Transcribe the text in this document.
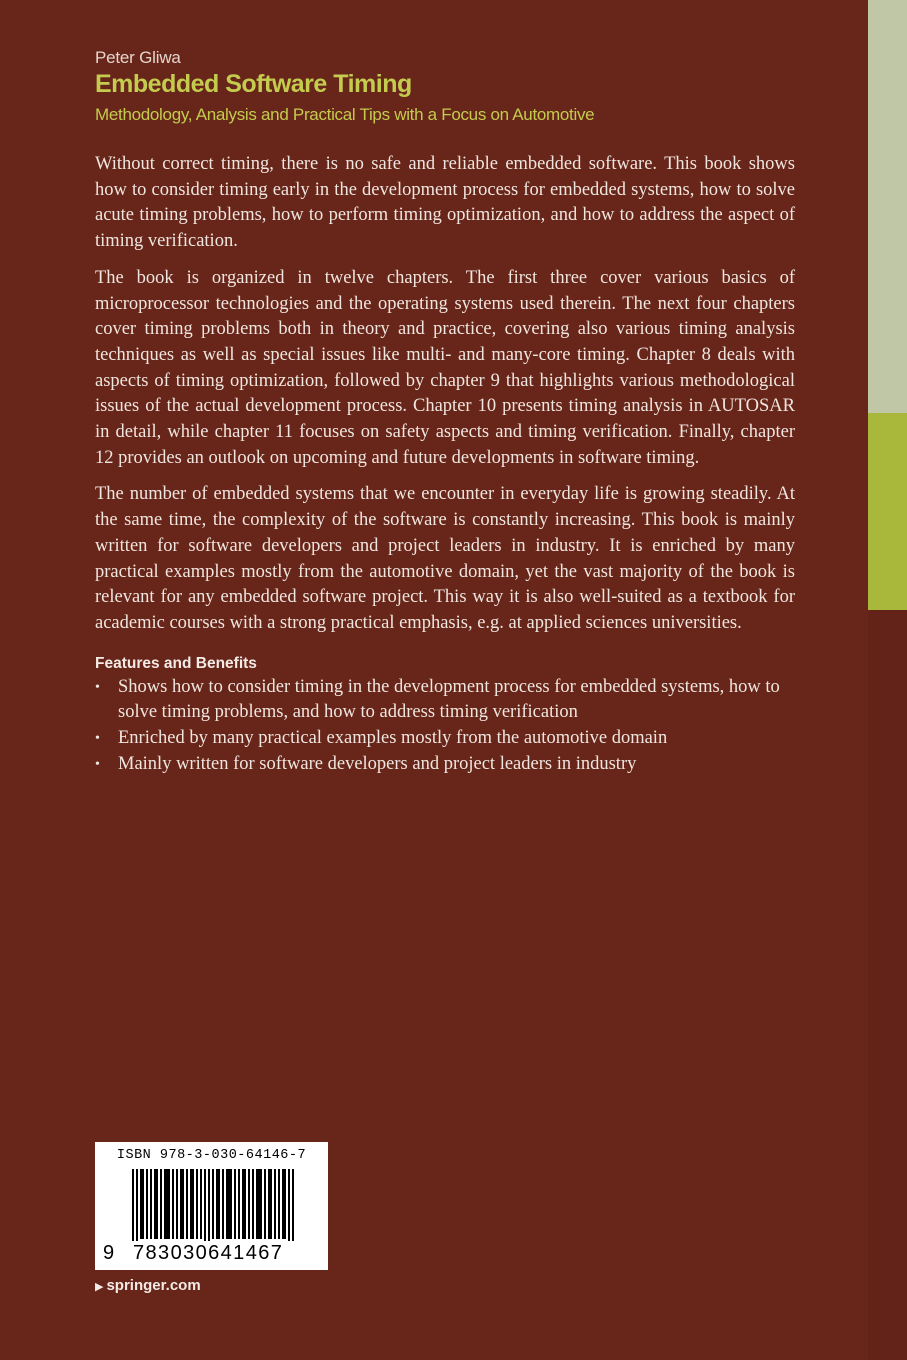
Peter Gliwa
Embedded Software Timing
Methodology, Analysis and Practical Tips with a Focus on Automotive

Without correct timing, there is no safe and reliable embedded software. This book shows how to consider timing early in the development process for embedded systems, how to solve acute timing problems, how to perform timing optimization, and how to address the aspect of timing verification.

The book is organized in twelve chapters. The first three cover various basics of microprocessor technologies and the operating systems used therein. The next four chapters cover timing problems both in theory and practice, covering also various timing analysis techniques as well as special issues like multi- and many-core timing. Chapter 8 deals with aspects of timing optimization, followed by chapter 9 that highlights various methodological issues of the actual development process. Chapter 10 presents timing analysis in AUTOSAR in detail, while chapter 11 focuses on safety aspects and timing verification. Finally, chapter 12 provides an outlook on upcoming and future developments in software timing.

The number of embedded systems that we encounter in everyday life is growing steadily. At the same time, the complexity of the software is constantly increasing. This book is mainly written for software developers and project leaders in industry. It is enriched by many practical examples mostly from the automotive domain, yet the vast majority of the book is relevant for any embedded software project. This way it is also well-suited as a textbook for academic courses with a strong practical emphasis, e.g. at applied sciences universities.

Features and Benefits
• Shows how to consider timing in the development process for embedded systems, how to solve timing problems, and how to address timing verification
• Enriched by many practical examples mostly from the automotive domain
• Mainly written for software developers and project leaders in industry
ISBN 978-3-030-64146-7
9 783030641467
▶ springer.com
